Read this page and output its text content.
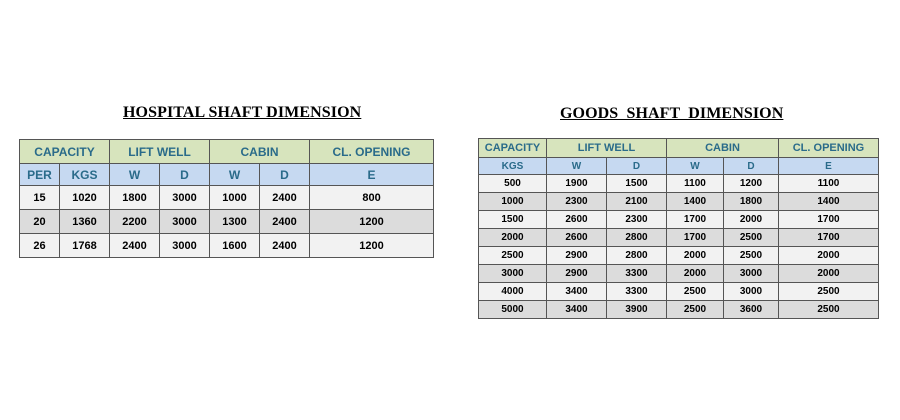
HOSPITAL SHAFT DIMENSION
CAPACITY		LIFT WELL		CABIN		CL. OPENING
PER	KGS	W	D	W	D	E
15	1020	1800	3000	1000	2400	800
20	1360	2200	3000	1300	2400	1200
26	1768	2400	3000	1600	2400	1200
GOODS  SHAFT  DIMENSION
CAPACITY	LIFT WELL		CABIN		CL. OPENING
KGS	W	D	W	D	E
500	1900	1500	1100	1200	1100
1000	2300	2100	1400	1800	1400
1500	2600	2300	1700	2000	1700
2000	2600	2800	1700	2500	1700
2500	2900	2800	2000	2500	2000
3000	2900	3300	2000	3000	2000
4000	3400	3300	2500	3000	2500
5000	3400	3900	2500	3600	2500
